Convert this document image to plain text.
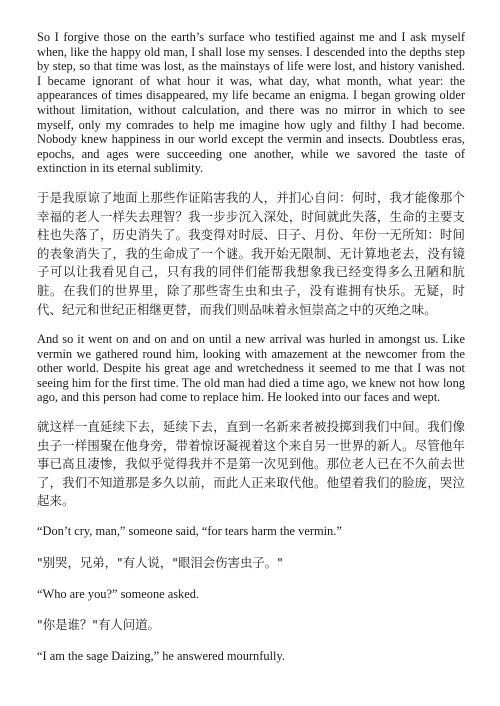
So I forgive those on the earth’s surface who testified against me and I ask myself when, like the happy old man, I shall lose my senses. I descended into the depths step by step, so that time was lost, as the mainstays of life were lost, and history vanished. I became ignorant of what hour it was, what day, what month, what year: the appearances of times disappeared, my life became an enigma. I began growing older without limitation, without calculation, and there was no mirror in which to see myself, only my comrades to help me imagine how ugly and filthy I had become. Nobody knew happiness in our world except the vermin and insects. Doubtless eras, epochs, and ages were succeeding one another, while we savored the taste of extinction in its eternal sublimity.

于是我原谅了地面上那些作证陷害我的人，并扪心自问：何时，我才能像那个幸福的老人一样失去理智？我一步步沉入深处，时间就此失落，生命的主要支柱也失落了，历史消失了。我变得对时辰、日子、月份、年份一无所知：时间的表象消失了，我的生命成了一个谜。我开始无限制、无计算地老去，没有镜子可以让我看见自己，只有我的同伴们能帮我想象我已经变得多么丑陋和肮脏。在我们的世界里，除了那些寄生虫和虫子，没有谁拥有快乐。无疑，时代、纪元和世纪正相继更替，而我们则品味着永恒崇高之中的灭绝之味。

And so it went on and on and on until a new arrival was hurled in amongst us. Like vermin we gathered round him, looking with amazement at the newcomer from the other world. Despite his great age and wretchedness it seemed to me that I was not seeing him for the first time. The old man had died a time ago, we knew not how long ago, and this person had come to replace him. He looked into our faces and wept.

就这样一直延续下去，延续下去，直到一名新来者被投掷到我们中间。我们像虫子一样围聚在他身旁，带着惊讶凝视着这个来自另一世界的新人。尽管他年事已高且凄惨，我似乎觉得我并不是第一次见到他。那位老人已在不久前去世了，我们不知道那是多久以前，而此人正来取代他。他望着我们的脸庞，哭泣起来。

“Don’t cry, man,” someone said, “for tears harm the vermin.”

"别哭，兄弟，"有人说，"眼泪会伤害虫子。"

“Who are you?” someone asked.

"你是谁？"有人问道。

“I am the sage Daizing,” he answered mournfully.
